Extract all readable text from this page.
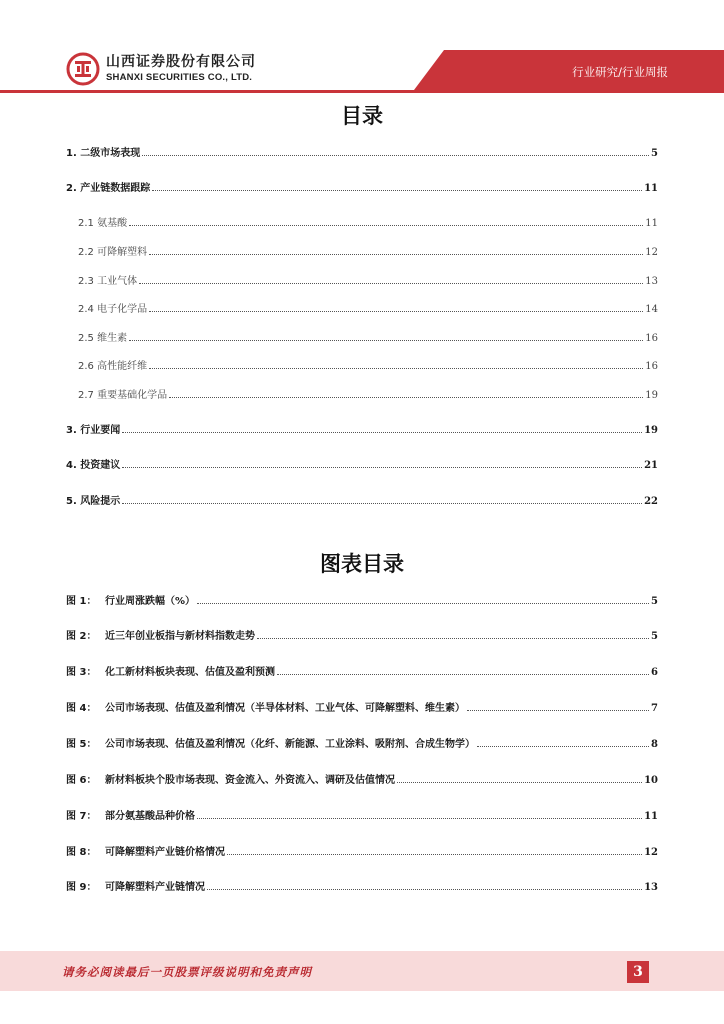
山西证券股份有限公司
SHANXI SECURITIES CO., LTD.	行业研究/行业周报
目录
1. 二级市场表现	5
2. 产业链数据跟踪	11
2.1 氨基酸	11
2.2 可降解塑料	12
2.3 工业气体	13
2.4 电子化学品	14
2.5 维生素	16
2.6 高性能纤维	16
2.7 重要基础化学品	19
3. 行业要闻	19
4. 投资建议	21
5. 风险提示	22
图表目录
图 1： 行业周涨跌幅（%）	5
图 2： 近三年创业板指与新材料指数走势	5
图 3： 化工新材料板块表现、估值及盈利预测	6
图 4： 公司市场表现、估值及盈利情况（半导体材料、工业气体、可降解塑料、维生素）	7
图 5： 公司市场表现、估值及盈利情况（化纤、新能源、工业涂料、吸附剂、合成生物学）	8
图 6： 新材料板块个股市场表现、资金流入、外资流入、调研及估值情况	10
图 7： 部分氨基酸品种价格	11
图 8： 可降解塑料产业链价格情况	12
图 9： 可降解塑料产业链情况	13
请务必阅读最后一页股票评级说明和免责声明	3
